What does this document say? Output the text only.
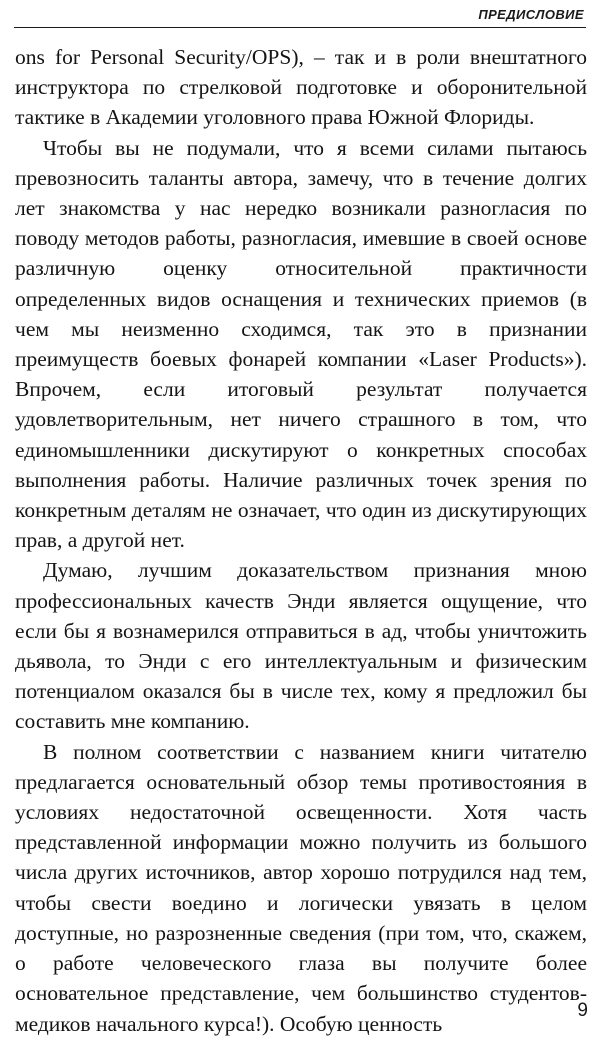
ПРЕДИСЛОВИЕ

ons for Personal Security/OPS), – так и в роли внештатного инструктора по стрелковой подготовке и оборонительной тактике в Академии уголовного права Южной Флориды.

Чтобы вы не подумали, что я всеми силами пытаюсь превозносить таланты автора, замечу, что в течение долгих лет знакомства у нас нередко возникали разногласия по поводу методов работы, разногласия, имевшие в своей основе различную оценку относительной практичности определенных видов оснащения и технических приемов (в чем мы неизменно сходимся, так это в признании преимуществ боевых фонарей компании «Laser Products»). Впрочем, если итоговый результат получается удовлетворительным, нет ничего страшного в том, что единомышленники дискутируют о конкретных способах выполнения работы. Наличие различных точек зрения по конкретным деталям не означает, что один из дискутирующих прав, а другой нет.

Думаю, лучшим доказательством признания мною профессиональных качеств Энди является ощущение, что если бы я вознамерился отправиться в ад, чтобы уничтожить дьявола, то Энди с его интеллектуальным и физическим потенциалом оказался бы в числе тех, кому я предложил бы составить мне компанию.

В полном соответствии с названием книги читателю предлагается основательный обзор темы противостояния в условиях недостаточной освещенности. Хотя часть представленной информации можно получить из большого числа других источников, автор хорошо потрудился над тем, чтобы свести воедино и логически увязать в целом доступные, но разрозненные сведения (при том, что, скажем, о работе человеческого глаза вы получите более основательное представление, чем большинство студентов-медиков начального курса!). Особую ценность

9
